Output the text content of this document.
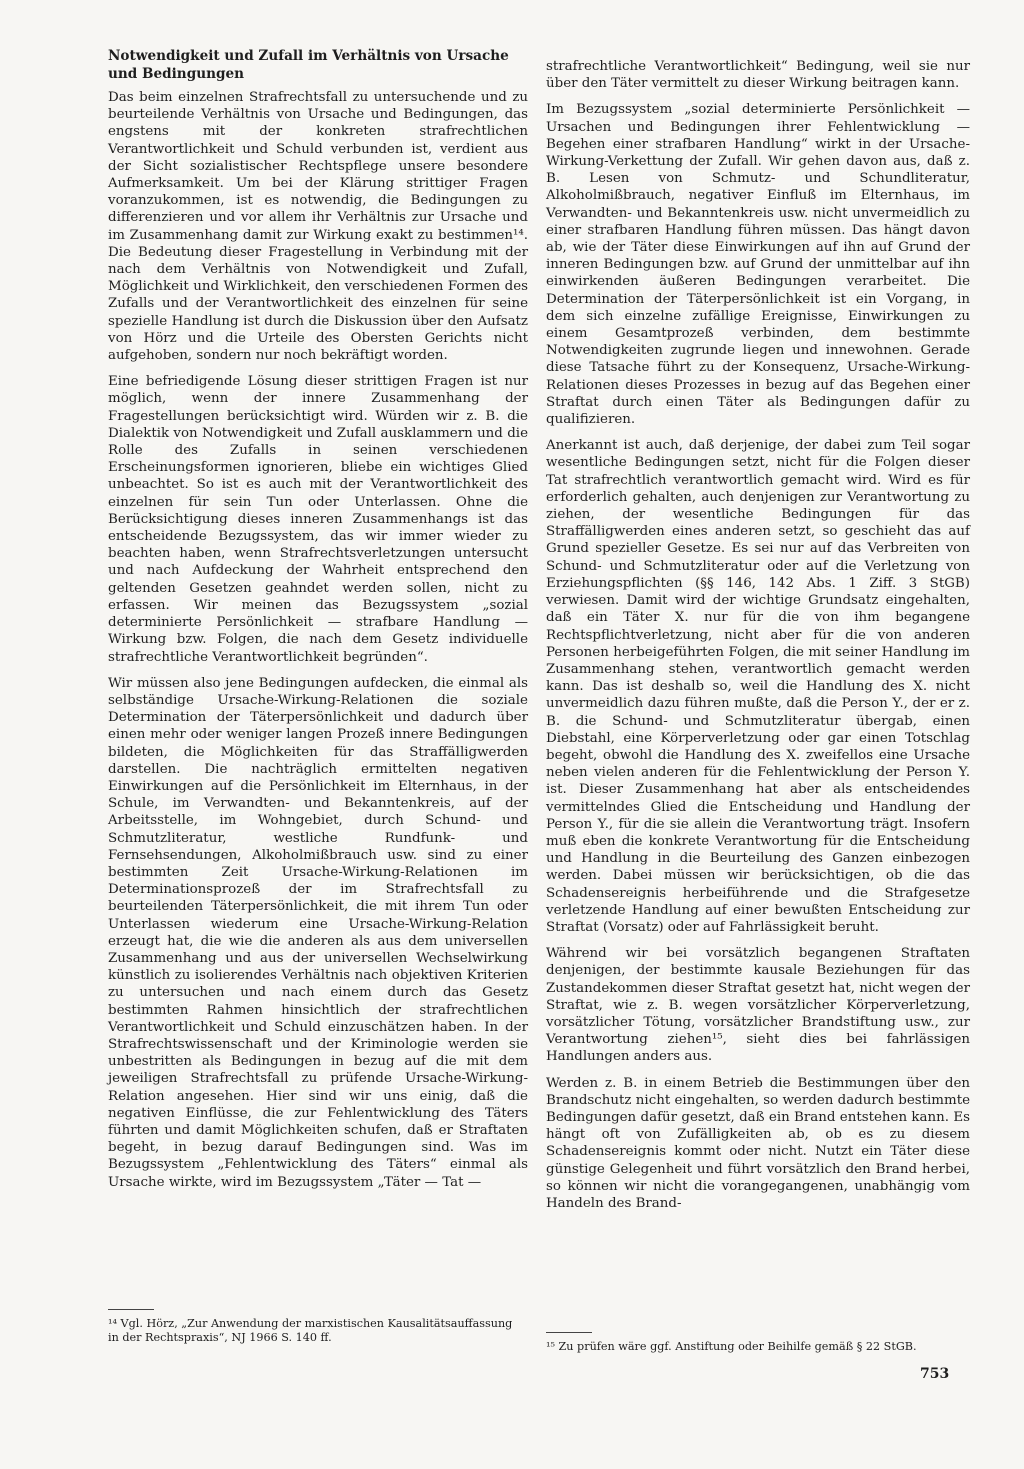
Notwendigkeit und Zufall im Verhältnis von Ursache und Bedingungen

Das beim einzelnen Strafrechtsfall zu untersuchende und zu beurteilende Verhältnis von Ursache und Bedingungen, das engstens mit der konkreten strafrechtlichen Verantwortlichkeit und Schuld verbunden ist, verdient aus der Sicht sozialistischer Rechtspflege unsere besondere Aufmerksamkeit. Um bei der Klärung strittiger Fragen voranzukommen, ist es notwendig, die Bedingungen zu differenzieren und vor allem ihr Verhältnis zur Ursache und im Zusammenhang damit zur Wirkung exakt zu bestimmen¹⁴. Die Bedeutung dieser Fragestellung in Verbindung mit der nach dem Verhältnis von Notwendigkeit und Zufall, Möglichkeit und Wirklichkeit, den verschiedenen Formen des Zufalls und der Verantwortlichkeit des einzelnen für seine spezielle Handlung ist durch die Diskussion über den Aufsatz von Hörz und die Urteile des Obersten Gerichts nicht aufgehoben, sondern nur noch bekräftigt worden.

Eine befriedigende Lösung dieser strittigen Fragen ist nur möglich, wenn der innere Zusammenhang der Fragestellungen berücksichtigt wird. Würden wir z. B. die Dialektik von Notwendigkeit und Zufall ausklammern und die Rolle des Zufalls in seinen verschiedenen Erscheinungsformen ignorieren, bliebe ein wichtiges Glied unbeachtet. So ist es auch mit der Verantwortlichkeit des einzelnen für sein Tun oder Unterlassen. Ohne die Berücksichtigung dieses inneren Zusammenhangs ist das entscheidende Bezugssystem, das wir immer wieder zu beachten haben, wenn Strafrechtsverletzungen untersucht und nach Aufdeckung der Wahrheit entsprechend den geltenden Gesetzen geahndet werden sollen, nicht zu erfassen. Wir meinen das Bezugssystem „sozial determinierte Persönlichkeit — strafbare Handlung — Wirkung bzw. Folgen, die nach dem Gesetz individuelle strafrechtliche Verantwortlichkeit begründen“.

Wir müssen also jene Bedingungen aufdecken, die einmal als selbständige Ursache-Wirkung-Relationen die soziale Determination der Täterpersönlichkeit und dadurch über einen mehr oder weniger langen Prozeß innere Bedingungen bildeten, die Möglichkeiten für das Straffälligwerden darstellen. Die nachträglich ermittelten negativen Einwirkungen auf die Persönlichkeit im Elternhaus, in der Schule, im Verwandten- und Bekanntenkreis, auf der Arbeitsstelle, im Wohngebiet, durch Schund- und Schmutzliteratur, westliche Rundfunk- und Fernsehsendungen, Alkoholmißbrauch usw. sind zu einer bestimmten Zeit Ursache-Wirkung-Relationen im Determinationsprozeß der im Strafrechtsfall zu beurteilenden Täterpersönlichkeit, die mit ihrem Tun oder Unterlassen wiederum eine Ursache-Wirkung-Relation erzeugt hat, die wie die anderen als aus dem universellen Zusammenhang und aus der universellen Wechselwirkung künstlich zu isolierendes Verhältnis nach objektiven Kriterien zu untersuchen und nach einem durch das Gesetz bestimmten Rahmen hinsichtlich der strafrechtlichen Verantwortlichkeit und Schuld einzuschätzen haben. In der Strafrechtswissenschaft und der Kriminologie werden sie unbestritten als Bedingungen in bezug auf die mit dem jeweiligen Strafrechtsfall zu prüfende Ursache-Wirkung-Relation angesehen. Hier sind wir uns einig, daß die negativen Einflüsse, die zur Fehlentwicklung des Täters führten und damit Möglichkeiten schufen, daß er Straftaten begeht, in bezug darauf Bedingungen sind. Was im Bezugssystem „Fehlentwicklung des Täters“ einmal als Ursache wirkte, wird im Bezugssystem „Täter — Tat —

strafrechtliche Verantwortlichkeit“ Bedingung, weil sie nur über den Täter vermittelt zu dieser Wirkung beitragen kann.

Im Bezugssystem „sozial determinierte Persönlichkeit — Ursachen und Bedingungen ihrer Fehlentwicklung — Begehen einer strafbaren Handlung“ wirkt in der Ursache-Wirkung-Verkettung der Zufall. Wir gehen davon aus, daß z. B. Lesen von Schmutz- und Schundliteratur, Alkoholmißbrauch, negativer Einfluß im Elternhaus, im Verwandten- und Bekanntenkreis usw. nicht unvermeidlich zu einer strafbaren Handlung führen müssen. Das hängt davon ab, wie der Täter diese Einwirkungen auf ihn auf Grund der inneren Bedingungen bzw. auf Grund der unmittelbar auf ihn einwirkenden äußeren Bedingungen verarbeitet. Die Determination der Täterpersönlichkeit ist ein Vorgang, in dem sich einzelne zufällige Ereignisse, Einwirkungen zu einem Gesamtprozeß verbinden, dem bestimmte Notwendigkeiten zugrunde liegen und innewohnen. Gerade diese Tatsache führt zu der Konsequenz, Ursache-Wirkung-Relationen dieses Prozesses in bezug auf das Begehen einer Straftat durch einen Täter als Bedingungen dafür zu qualifizieren.

Anerkannt ist auch, daß derjenige, der dabei zum Teil sogar wesentliche Bedingungen setzt, nicht für die Folgen dieser Tat strafrechtlich verantwortlich gemacht wird. Wird es für erforderlich gehalten, auch denjenigen zur Verantwortung zu ziehen, der wesentliche Bedingungen für das Straffälligwerden eines anderen setzt, so geschieht das auf Grund spezieller Gesetze. Es sei nur auf das Verbreiten von Schund- und Schmutzliteratur oder auf die Verletzung von Erziehungspflichten (§§ 146, 142 Abs. 1 Ziff. 3 StGB) verwiesen. Damit wird der wichtige Grundsatz eingehalten, daß ein Täter X. nur für die von ihm begangene Rechtspflichtverletzung, nicht aber für die von anderen Personen herbeigeführten Folgen, die mit seiner Handlung im Zusammenhang stehen, verantwortlich gemacht werden kann. Das ist deshalb so, weil die Handlung des X. nicht unvermeidlich dazu führen mußte, daß die Person Y., der er z. B. die Schund- und Schmutzliteratur übergab, einen Diebstahl, eine Körperverletzung oder gar einen Totschlag begeht, obwohl die Handlung des X. zweifellos eine Ursache neben vielen anderen für die Fehlentwicklung der Person Y. ist. Dieser Zusammenhang hat aber als entscheidendes vermittelndes Glied die Entscheidung und Handlung der Person Y., für die sie allein die Verantwortung trägt. Insofern muß eben die konkrete Verantwortung für die Entscheidung und Handlung in die Beurteilung des Ganzen einbezogen werden. Dabei müssen wir berücksichtigen, ob die das Schadensereignis herbeiführende und die Strafgesetze verletzende Handlung auf einer bewußten Entscheidung zur Straftat (Vorsatz) oder auf Fahrlässigkeit beruht.

Während wir bei vorsätzlich begangenen Straftaten denjenigen, der bestimmte kausale Beziehungen für das Zustandekommen dieser Straftat gesetzt hat, nicht wegen der Straftat, wie z. B. wegen vorsätzlicher Körperverletzung, vorsätzlicher Tötung, vorsätzlicher Brandstiftung usw., zur Verantwortung ziehen¹⁵, sieht dies bei fahrlässigen Handlungen anders aus.

Werden z. B. in einem Betrieb die Bestimmungen über den Brandschutz nicht eingehalten, so werden dadurch bestimmte Bedingungen dafür gesetzt, daß ein Brand entstehen kann. Es hängt oft von Zufälligkeiten ab, ob es zu diesem Schadensereignis kommt oder nicht. Nutzt ein Täter diese günstige Gelegenheit und führt vorsätzlich den Brand herbei, so können wir nicht die vorangegangenen, unabhängig vom Handeln des Brand-

¹⁴ Vgl. Hörz, „Zur Anwendung der marxistischen Kausalitätsauffassung in der Rechtspraxis“, NJ 1966 S. 140 ff.
¹⁵ Zu prüfen wäre ggf. Anstiftung oder Beihilfe gemäß § 22 StGB.
753
